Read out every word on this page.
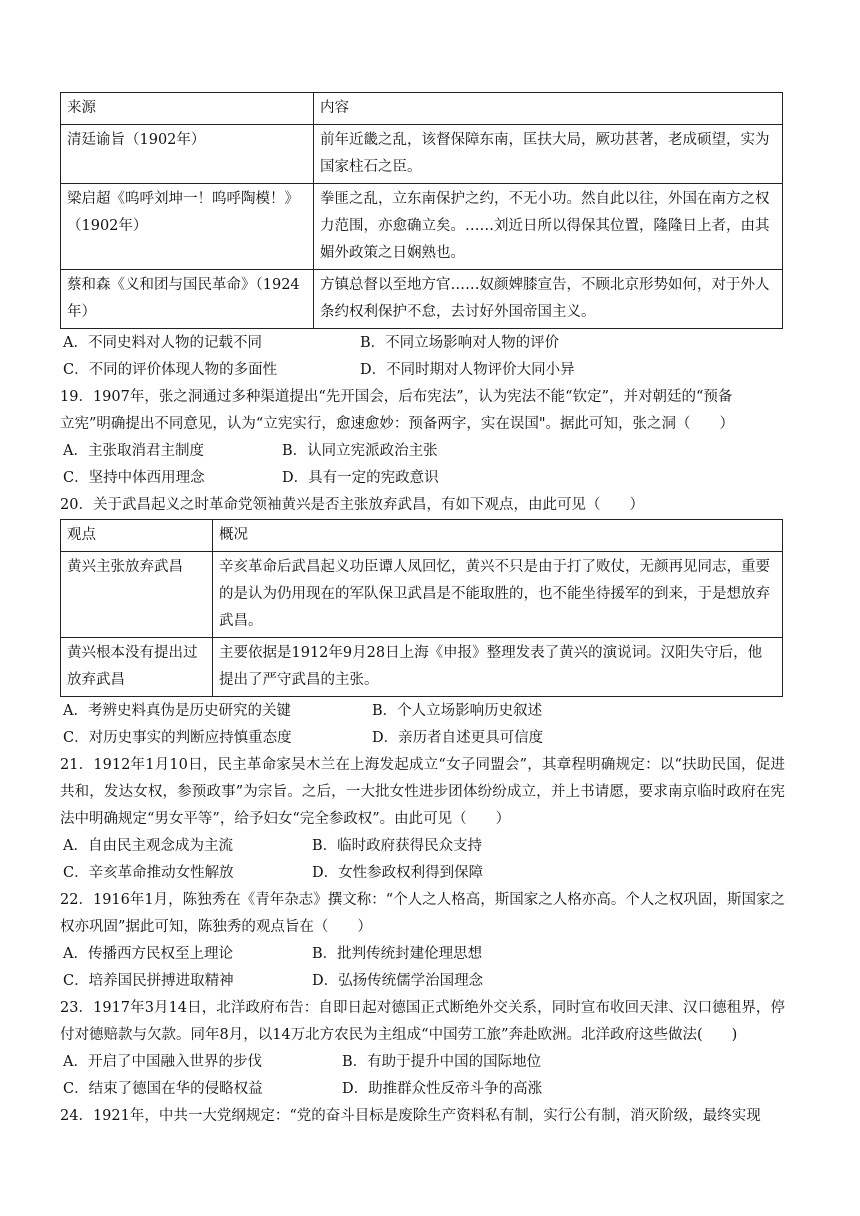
来源	内容
清廷谕旨（1902年）	前年近畿之乱，该督保障东南，匡扶大局，厥功甚著，老成硕望，实为国家柱石之臣。
梁启超《呜呼刘坤一！呜呼陶模！》（1902年）	拳匪之乱，立东南保护之约，不无小功。然自此以往，外国在南方之权力范围，亦愈确立矣。……刘近日所以得保其位置，隆隆日上者，由其媚外政策之日娴熟也。
蔡和森《义和团与国民革命》（1924年）	方镇总督以至地方官……奴颜婢膝宣告，不顾北京形势如何，对于外人条约权利保护不怠，去讨好外国帝国主义。
A．不同史料对人物的记载不同	B．不同立场影响对人物的评价
C．不同的评价体现人物的多面性	D．不同时期对人物评价大同小异
19．1907年，张之洞通过多种渠道提出“先开国会，后布宪法”，认为宪法不能“钦定”，并对朝廷的“预备
立宪”明确提出不同意见，认为“立宪实行，愈速愈妙：预备两字，实在误国"。据此可知，张之洞（　　）
A．主张取消君主制度	B．认同立宪派政治主张
C．坚持中体西用理念	D．具有一定的宪政意识
20．关于武昌起义之时革命党领袖黄兴是否主张放弃武昌，有如下观点，由此可见（　　）
观点	概况
黄兴主张放弃武昌	辛亥革命后武昌起义功臣谭人凤回忆，黄兴不只是由于打了败仗，无颜再见同志，重要的是认为仍用现在的军队保卫武昌是不能取胜的，也不能坐待援军的到来，于是想放弃武昌。
黄兴根本没有提出过放弃武昌	主要依据是1912年9月28日上海《申报》整理发表了黄兴的演说词。汉阳失守后，他提出了严守武昌的主张。
A．考辨史料真伪是历史研究的关键	B．个人立场影响历史叙述
C．对历史事实的判断应持慎重态度	D．亲历者自述更具可信度
21．1912年1月10日，民主革命家吴木兰在上海发起成立“女子同盟会”，其章程明确规定：以“扶助民国，促进共和，发达女权，参预政事”为宗旨。之后，一大批女性进步团体纷纷成立，并上书请愿，要求南京临时政府在宪法中明确规定“男女平等”，给予妇女“完全参政权”。由此可见（　　）
A．自由民主观念成为主流	B．临时政府获得民众支持
C．辛亥革命推动女性解放	D．女性参政权利得到保障
22．1916年1月，陈独秀在《青年杂志》撰文称：“个人之人格高，斯国家之人格亦高。个人之权巩固，斯国家之权亦巩固”据此可知，陈独秀的观点旨在（　　）
A．传播西方民权至上理论	B．批判传统封建伦理思想
C．培养国民拼搏进取精神	D．弘扬传统儒学治国理念
23．1917年3月14日，北洋政府布告：自即日起对德国正式断绝外交关系，同时宣布收回天津、汉口德租界，停付对德赔款与欠款。同年8月，以14万北方农民为主组成“中国劳工旅”奔赴欧洲。北洋政府这些做法(　　)
A．开启了中国融入世界的步伐	B．有助于提升中国的国际地位
C．结束了德国在华的侵略权益	D．助推群众性反帝斗争的高涨
24．1921年，中共一大党纲规定：“党的奋斗目标是废除生产资料私有制，实行公有制，消灭阶级，最终实现
